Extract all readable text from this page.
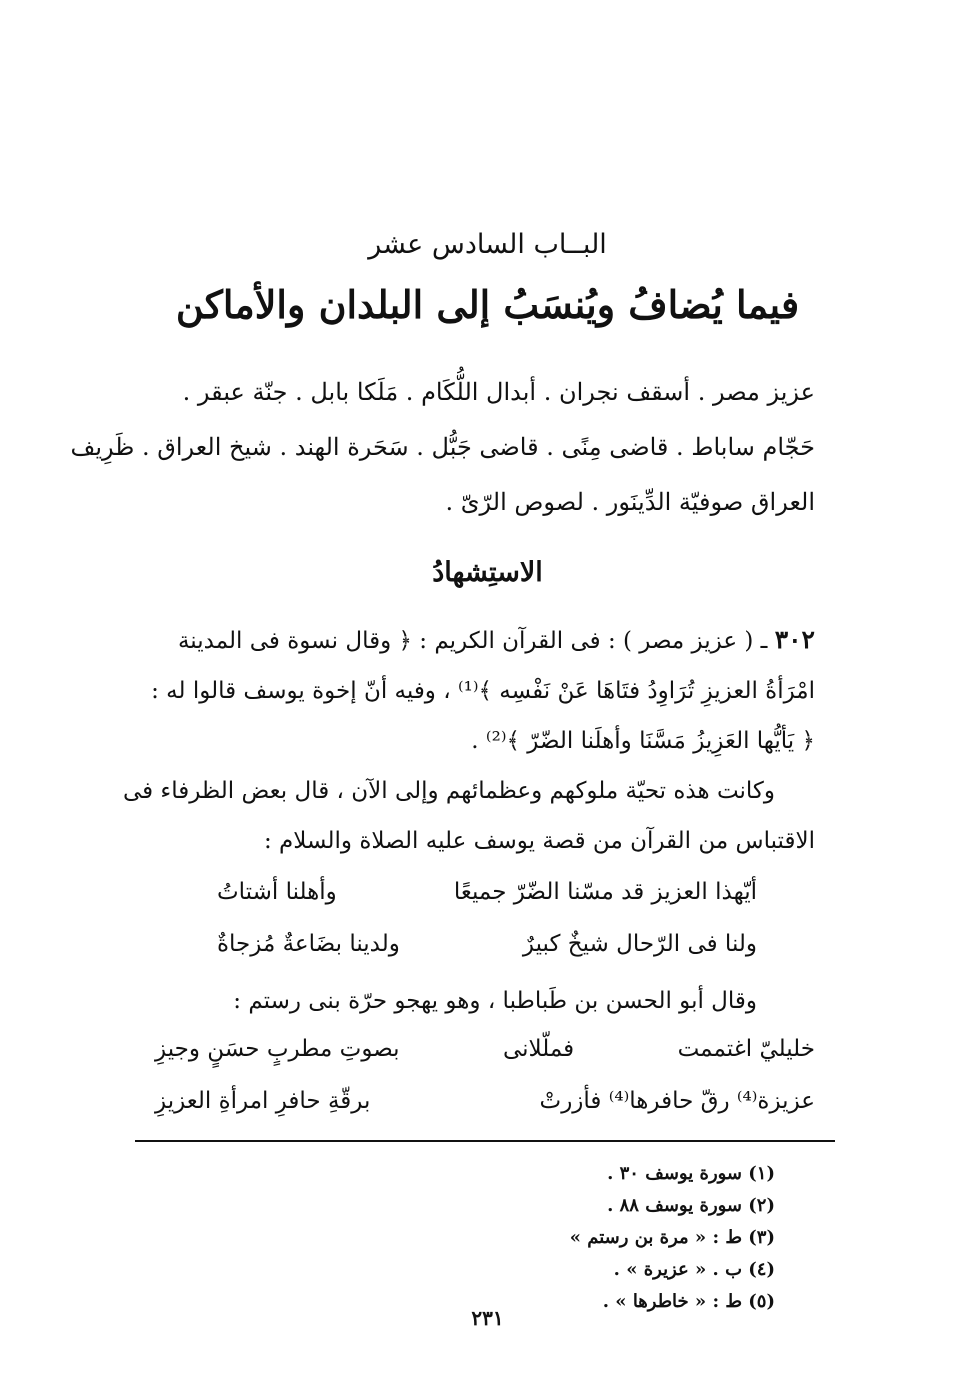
البــاب السادس عشر
فيما يُضافُ ويُنسَبُ إلى البلدان والأماكن
عزيز مصر . أسقف نجران . أبدال اللُّكَام . مَلَكا بابل . جنّة عبقر .
حَجّام ساباط . قاضى مِنًى . قاضى جَبُّل . سَحَرة الهند . شيخ العراق . ظَرِيف
العراق صوفيّة الدِّينَور . لصوص الرّىّ .
الاستِشهادُ
٣٠٢ ـ ( عزيز مصر ) : فى القرآن الكريم : ﴿ وقال نسوة فى المدينة
امْرَأةُ العزيزِ تُرَاوِدُ فتَاهَا عَنْ نَفْسِه ﴾⁽¹⁾ ، وفيه أنّ إخوة يوسف قالوا له :
﴿ يَأيُّها العَزِيزُ مَسَّنَا وأهلَنا الضّرّ ﴾⁽²⁾ .
وكانت هذه تحيّة ملوكهم وعظمائهم وإلى الآن ، قال بعض الظرفاء فى
الاقتباس من القرآن من قصة يوسف عليه الصلاة والسلام :
أيّهذا العزيز قد مسّنا الضّرّ جميعًا
وأهلنا أشتاتُ
ولنا فى الرّحال شيخٌ كبيرٌ
ولدينا بضَاعةٌ مُزجاةٌ
وقال أبو الحسن بن طَباطبا ، وهو يهجو حرّة بنى رستم :
خليليّ اغتممت
فملّلانى
بصوتِ مطربٍ حسَنٍ وجيزِ
عزيزة⁽⁴⁾ رقّ حافرها⁽⁴⁾ فأزرتْ
برقّةِ حافرِ امرأةِ العزيزِ
(١) سورة يوسف ٣٠ .
(٢) سورة يوسف ٨٨ .
(٣) ط : « مرة بن رستم »
(٤) ب . « عزيرة » .
(٥) ط : « خاطرها » .
٢٣١
